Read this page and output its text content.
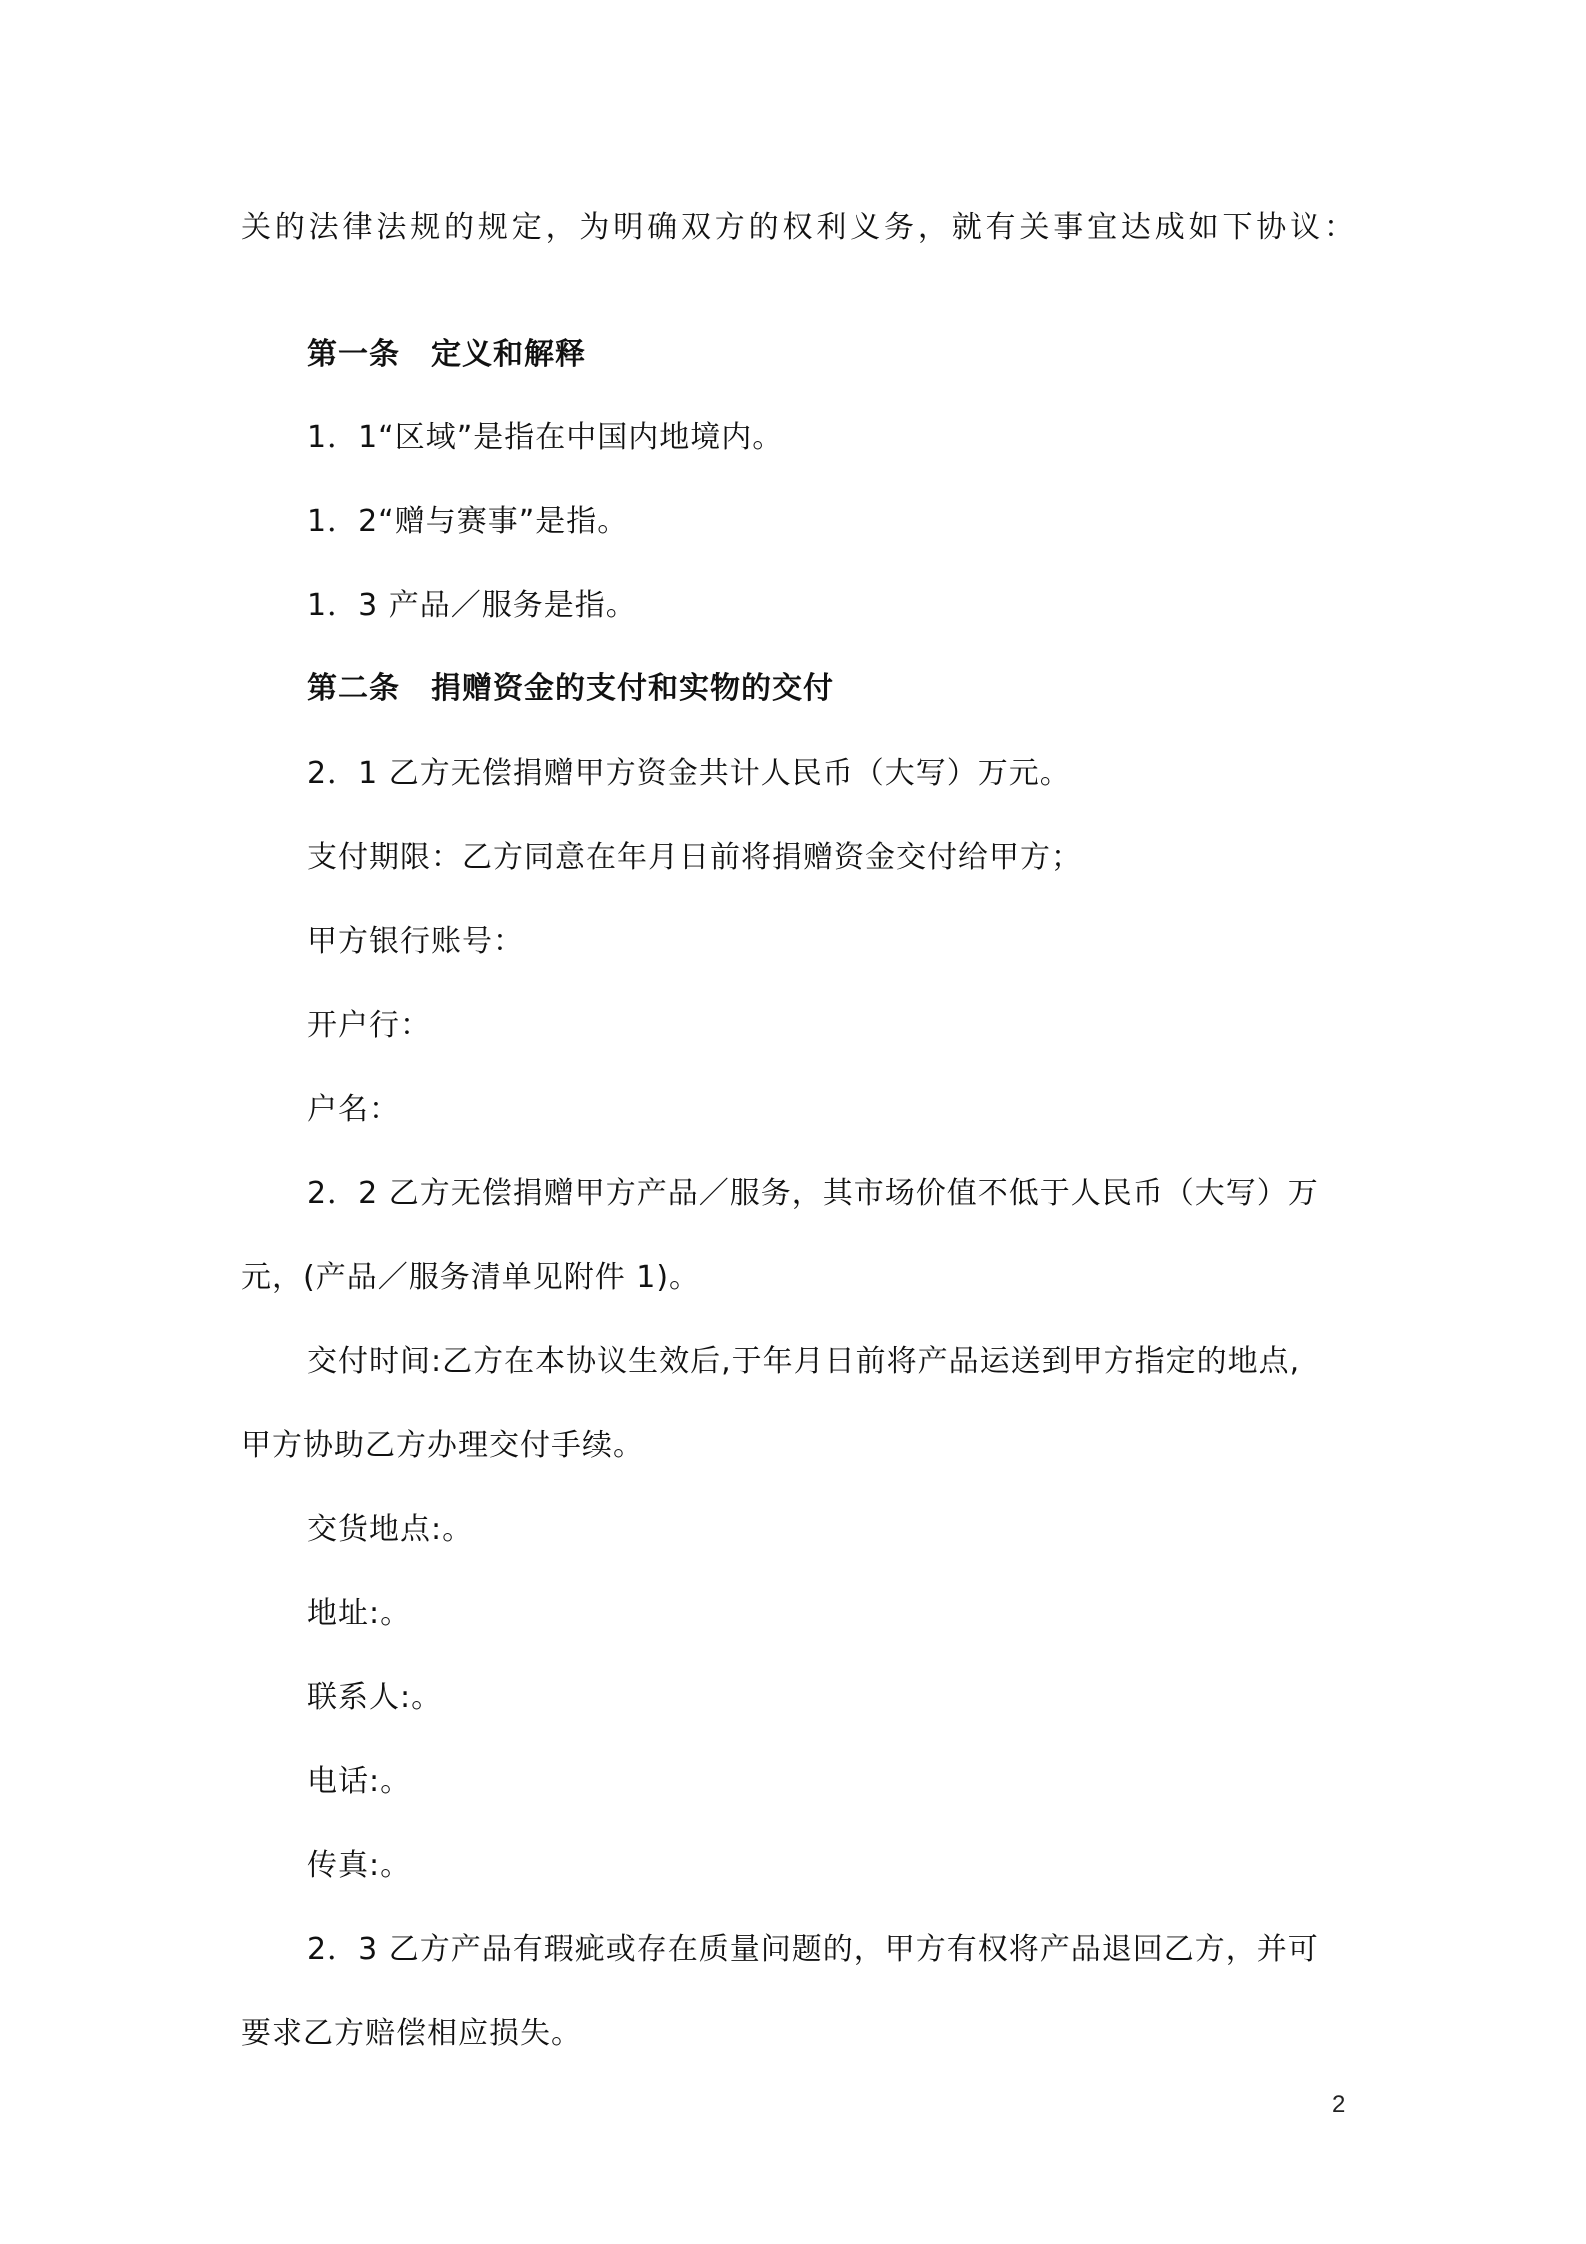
关的法律法规的规定，为明确双方的权利义务，就有关事宜达成如下协议：

第一条　定义和解释

1．1“区域”是指在中国内地境内。

1．2“赠与赛事”是指。

1．3 产品／服务是指。

第二条　捐赠资金的支付和实物的交付

2．1 乙方无偿捐赠甲方资金共计人民币（大写）万元。

支付期限：乙方同意在年月日前将捐赠资金交付给甲方；

甲方银行账号：

开户行：

户名：

2．2 乙方无偿捐赠甲方产品／服务，其市场价值不低于人民币（大写）万

元，(产品／服务清单见附件 1)。

交付时间:乙方在本协议生效后,于年月日前将产品运送到甲方指定的地点,

甲方协助乙方办理交付手续。

交货地点:。

地址:。

联系人:。

电话:。

传真:。

2．3 乙方产品有瑕疵或存在质量问题的，甲方有权将产品退回乙方，并可

要求乙方赔偿相应损失。

2
